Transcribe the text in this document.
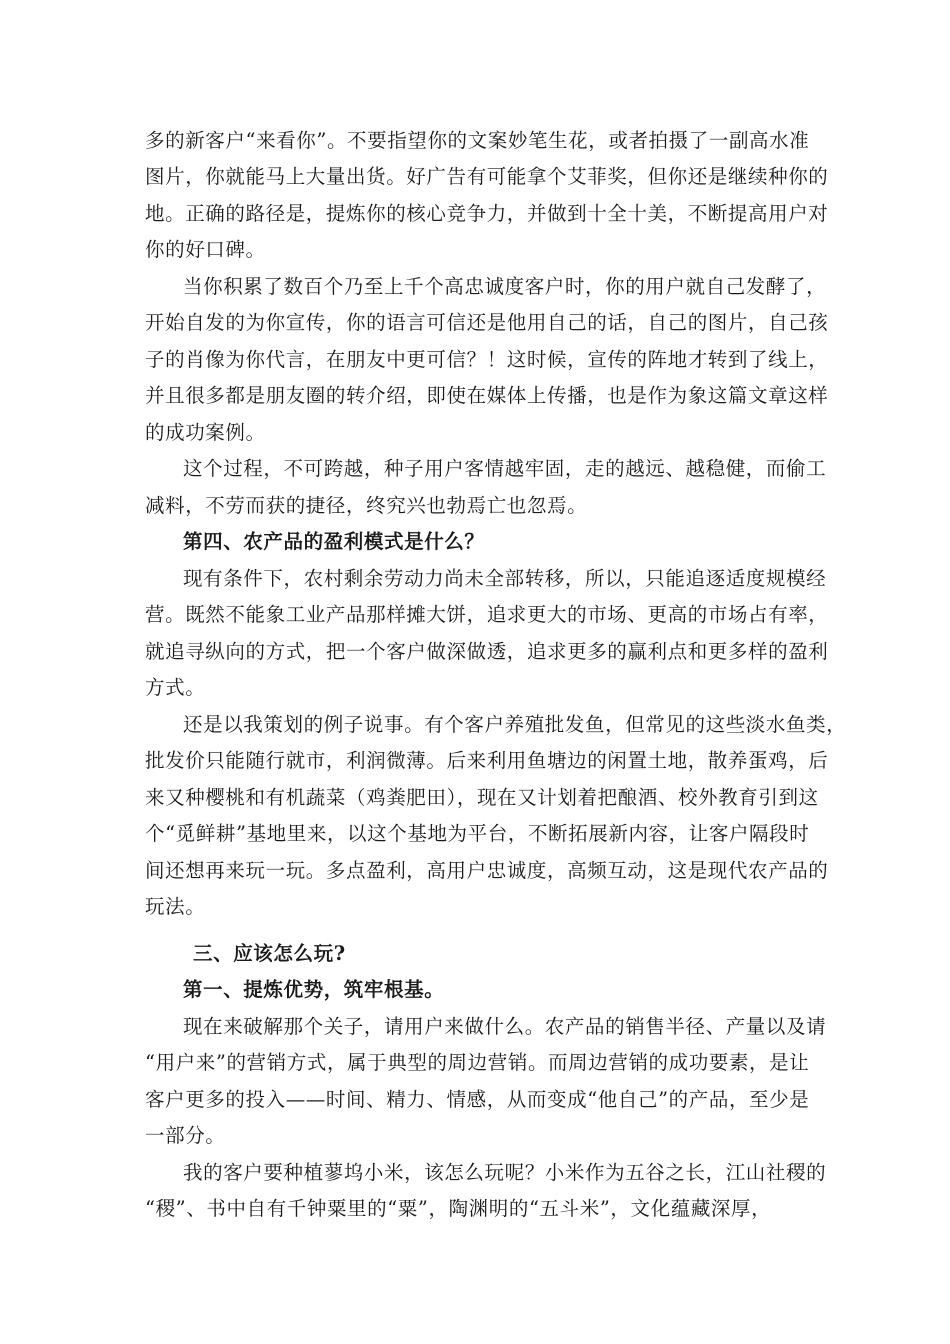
多的新客户“来看你”。不要指望你的文案妙笔生花，或者拍摄了一副高水准
图片，你就能马上大量出货。好广告有可能拿个艾菲奖，但你还是继续种你的
地。正确的路径是，提炼你的核心竞争力，并做到十全十美，不断提高用户对
你的好口碑。
当你积累了数百个乃至上千个高忠诚度客户时，你的用户就自己发酵了，
开始自发的为你宣传，你的语言可信还是他用自己的话，自己的图片，自己孩
子的肖像为你代言，在朋友中更可信？！这时候，宣传的阵地才转到了线上，
并且很多都是朋友圈的转介绍，即使在媒体上传播，也是作为象这篇文章这样
的成功案例。
这个过程，不可跨越，种子用户客情越牢固，走的越远、越稳健，而偷工
减料，不劳而获的捷径，终究兴也勃焉亡也忽焉。
第四、农产品的盈利模式是什么？
现有条件下，农村剩余劳动力尚未全部转移，所以，只能追逐适度规模经
营。既然不能象工业产品那样摊大饼，追求更大的市场、更高的市场占有率，
就追寻纵向的方式，把一个客户做深做透，追求更多的赢利点和更多样的盈利
方式。
还是以我策划的例子说事。有个客户养殖批发鱼，但常见的这些淡水鱼类，
批发价只能随行就市，利润微薄。后来利用鱼塘边的闲置土地，散养蛋鸡，后
来又种樱桃和有机蔬菜（鸡粪肥田），现在又计划着把酿酒、校外教育引到这
个“觅鲜耕”基地里来，以这个基地为平台，不断拓展新内容，让客户隔段时
间还想再来玩一玩。多点盈利，高用户忠诚度，高频互动，这是现代农产品的
玩法。
三、应该怎么玩?
第一、提炼优势，筑牢根基。
现在来破解那个关子，请用户来做什么。农产品的销售半径、产量以及请
“用户来”的营销方式，属于典型的周边营销。而周边营销的成功要素，是让
客户更多的投入——时间、精力、情感，从而变成“他自己”的产品，至少是
一部分。
我的客户要种植蓼坞小米，该怎么玩呢？小米作为五谷之长，江山社稷的
“稷”、书中自有千钟粟里的“粟”，陶渊明的“五斗米”，文化蕴藏深厚，
